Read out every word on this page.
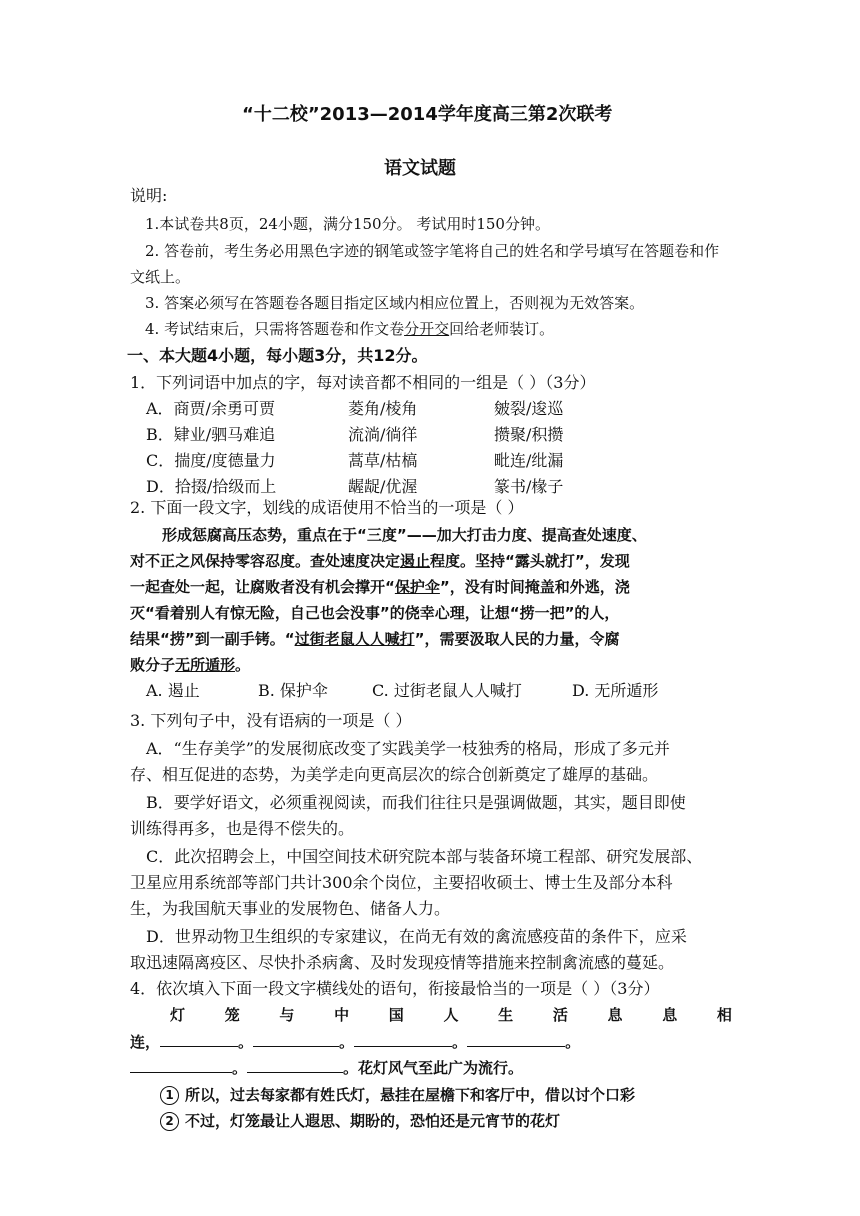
“十二校”2013—2014学年度高三第2次联考
语文试题
说明:
1.本试卷共8页，24小题，满分150分。 考试用时150分钟。
2. 答卷前，考生务必用黑色字迹的钢笔或签字笔将自己的姓名和学号填写在答题卷和作
文纸上。
3. 答案必须写在答题卷各题目指定区域内相应位置上，否则视为无效答案。
4. 考试结束后，只需将答题卷和作文卷分开交回给老师装订。
一、本大题4小题，每小题3分，共12分。
1．下列词语中加点的字，每对读音都不相同的一组是（ ）（3分）
A．商贾/余勇可贾	菱角/棱角	皴裂/逡巡
B．肄业/驷马难追	流淌/徜徉	攒聚/积攒
C．揣度/度德量力	蒿草/枯槁	毗连/纰漏
D．拾掇/拾级而上	龌龊/优渥	篆书/椽子
2. 下面一段文字，划线的成语使用不恰当的一项是（ ）
形成惩腐高压态势，重点在于“三度”——加大打击力度、提高查处速度、
对不正之风保持零容忍度。查处速度决定遏止程度。坚持“露头就打”，发现
一起查处一起，让腐败者没有机会撑开“保护伞”，没有时间掩盖和外逃，浇
灭“看着别人有惊无险，自己也会没事”的侥幸心理，让想“捞一把”的人，
结果“捞”到一副手铐。“过街老鼠人人喊打”，需要汲取人民的力量，令腐
败分子无所遁形。
A. 遏止	B. 保护伞	C. 过街老鼠人人喊打	D. 无所遁形
3. 下列句子中，没有语病的一项是（ ）
A．“生存美学”的发展彻底改变了实践美学一枝独秀的格局，形成了多元并
存、相互促进的态势，为美学走向更高层次的综合创新奠定了雄厚的基础。
B．要学好语文，必须重视阅读，而我们往往只是强调做题，其实，题目即使
训练得再多，也是得不偿失的。
C．此次招聘会上，中国空间技术研究院本部与装备环境工程部、研究发展部、
卫星应用系统部等部门共计300余个岗位，主要招收硕士、博士生及部分本科
生，为我国航天事业的发展物色、储备人力。
D．世界动物卫生组织的专家建议，在尚无有效的禽流感疫苗的条件下，应采
取迅速隔离疫区、尽快扑杀病禽、及时发现疫情等措施来控制禽流感的蔓延。
4．依次填入下面一段文字横线处的语句，衔接最恰当的一项是（ ）（3分）
灯	笼	与	中	国	人	生	活	息	息	相
连，	。	。	。	。
。	。花灯风气至此广为流行。
1 所以，过去每家都有姓氏灯，悬挂在屋檐下和客厅中，借以讨个口彩
2 不过，灯笼最让人遐思、期盼的，恐怕还是元宵节的花灯
